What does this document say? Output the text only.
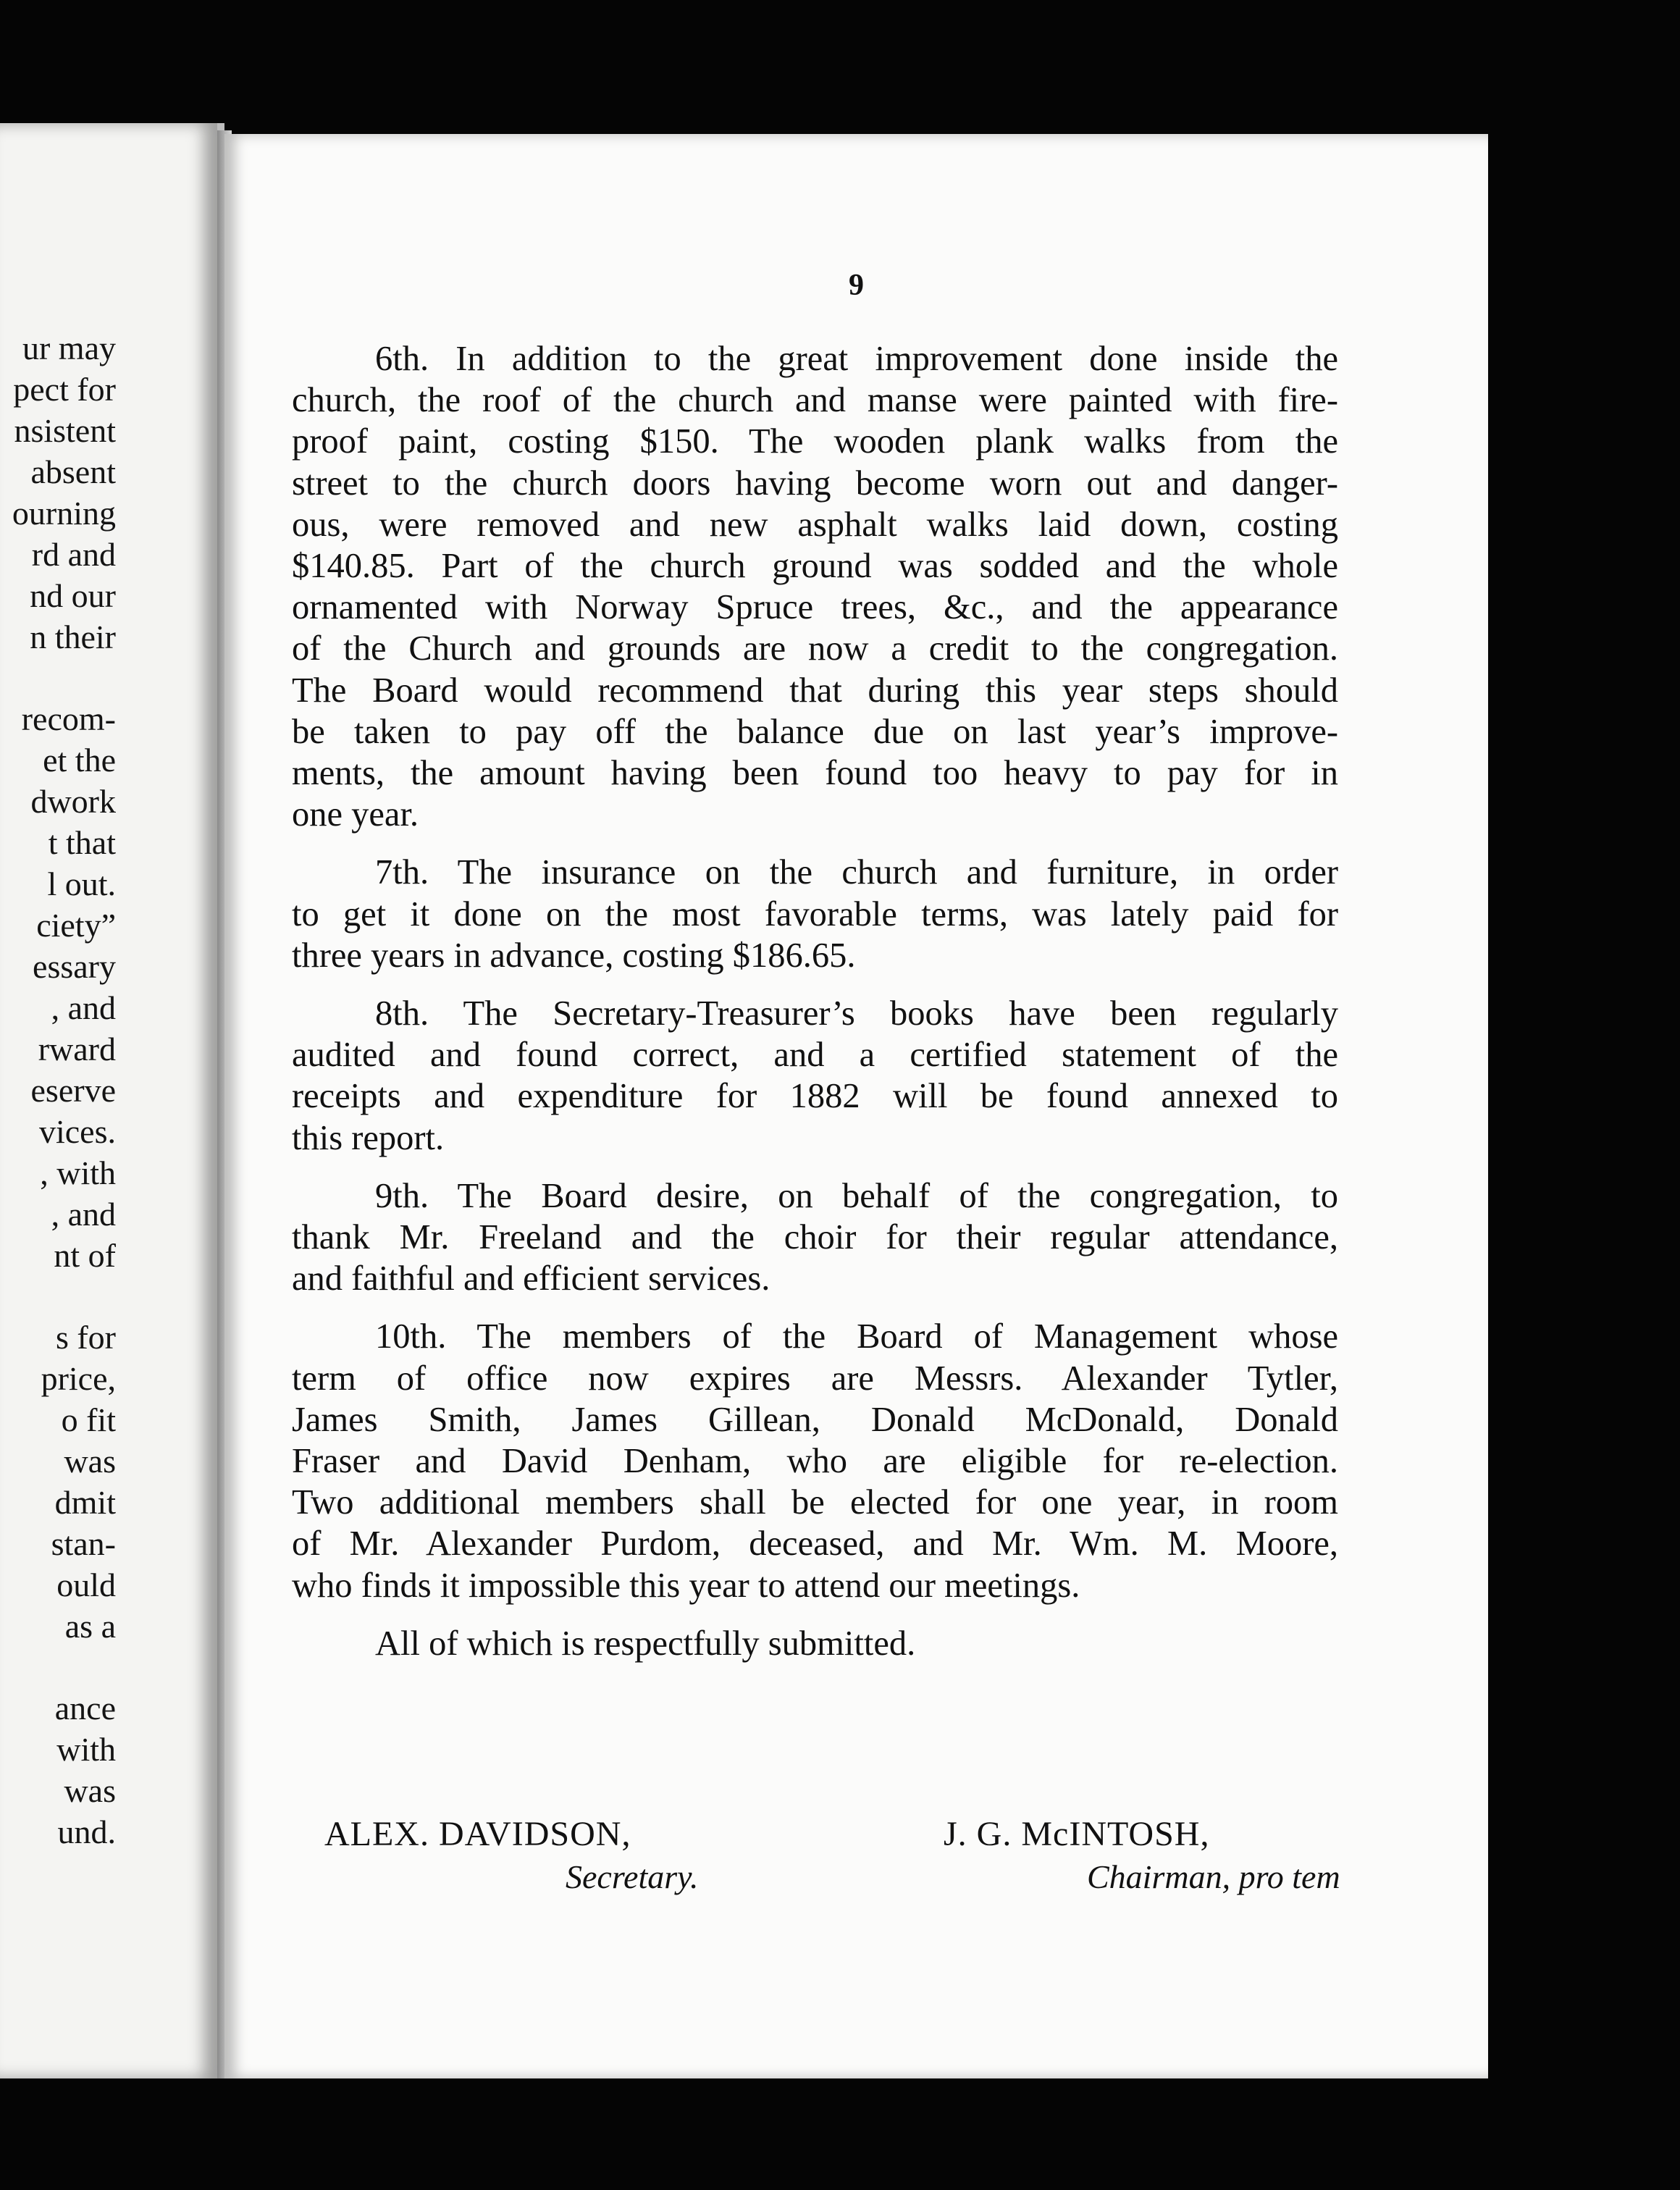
ur may
pect for
nsistent
absent
ourning
rd and
nd our
n their
recom-
et the
dwork
t that
l out.
ciety”
essary
, and
rward
eserve
vices.
, with
, and
nt of
s for
price,
o fit
was
dmit
stan-
ould
as a
ance
with
was
und.
9
6th. In addition to the great improvement done inside the
church, the roof of the church and manse were painted with fire-
proof paint, costing $150. The wooden plank walks from the
street to the church doors having become worn out and danger-
ous, were removed and new asphalt walks laid down, costing
$140.85. Part of the church ground was sodded and the whole
ornamented with Norway Spruce trees, &c., and the appearance
of the Church and grounds are now a credit to the congregation.
The Board would recommend that during this year steps should
be taken to pay off the balance due on last year’s improve-
ments, the amount having been found too heavy to pay for in
one year.
7th. The insurance on the church and furniture, in order
to get it done on the most favorable terms, was lately paid for
three years in advance, costing $186.65.
8th. The Secretary-Treasurer’s books have been regularly
audited and found correct, and a certified statement of the
receipts and expenditure for 1882 will be found annexed to
this report.
9th. The Board desire, on behalf of the congregation, to
thank Mr. Freeland and the choir for their regular attendance,
and faithful and efficient services.
10th. The members of the Board of Management whose
term of office now expires are Messrs. Alexander Tytler,
James Smith, James Gillean, Donald McDonald, Donald
Fraser and David Denham, who are eligible for re-election.
Two additional members shall be elected for one year, in room
of Mr. Alexander Purdom, deceased, and Mr. Wm. M. Moore,
who finds it impossible this year to attend our meetings.
All of which is respectfully submitted.
ALEX. DAVIDSON,
Secretary.
J. G. McINTOSH,
Chairman, pro tem
